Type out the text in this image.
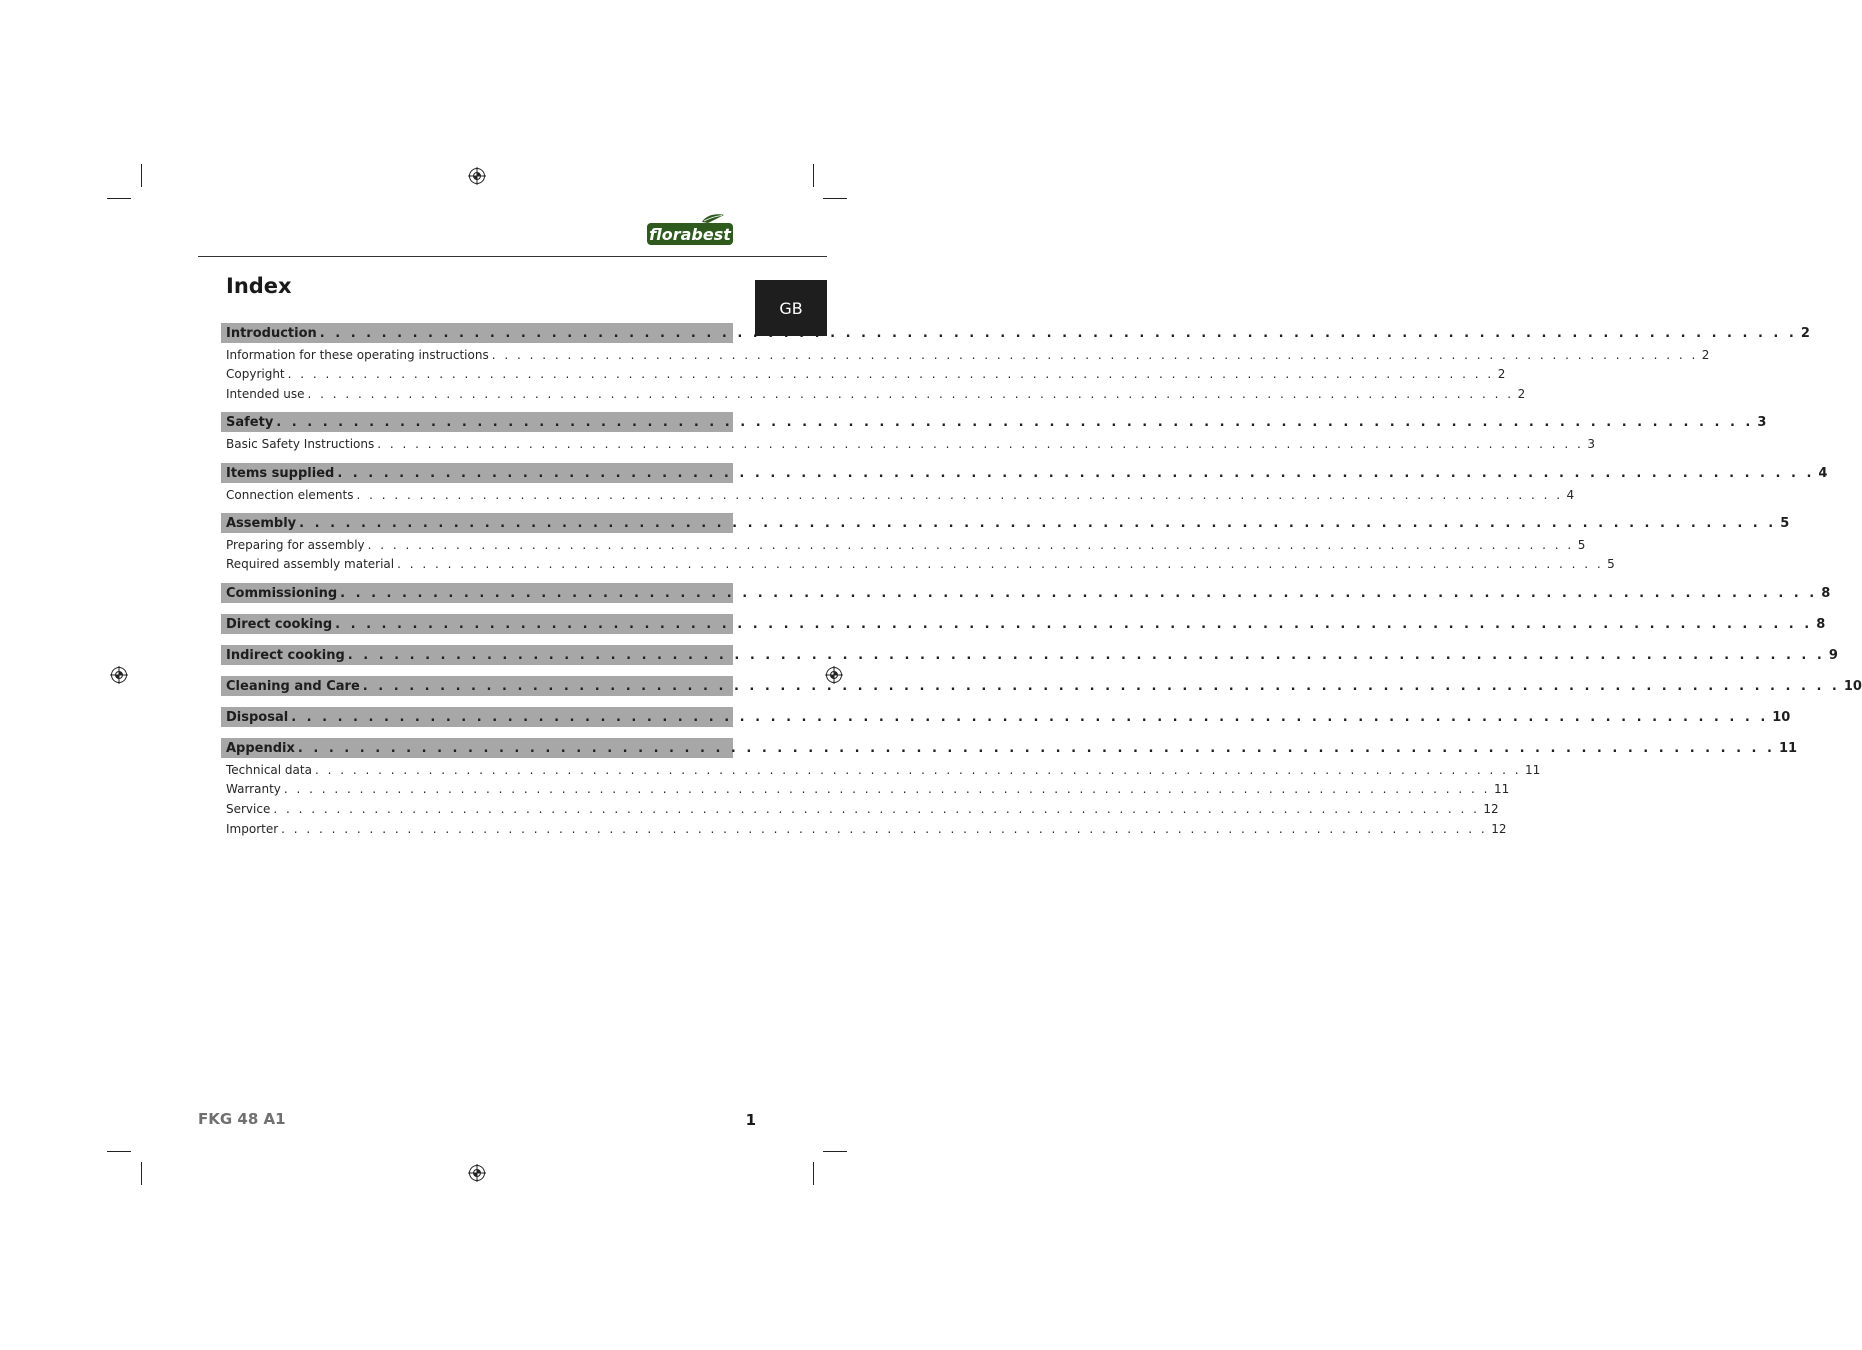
florabest
GB
Index
Introduction . . . . . . . . . . . . . . . . . . . . . . . . . . . . . . . . . . . . . . . . . . . . . . . . . . . . . . . . . . . . . . . . . . . . . . . . . . . . . . . . . . . . . . . . . . . . . . . . 2
Information for these operating instructions . . . . . . . . . . . . . . . . . . . . . . . . . . . . . . . . . . . . . . . . . . . . . . . . . . . . . . . . . . . . . . . . . . . . . . . . . . . . . . . . . . . . . . . . . . . . . . . . 2
Copyright . . . . . . . . . . . . . . . . . . . . . . . . . . . . . . . . . . . . . . . . . . . . . . . . . . . . . . . . . . . . . . . . . . . . . . . . . . . . . . . . . . . . . . . . . . . . . . . . 2
Intended use . . . . . . . . . . . . . . . . . . . . . . . . . . . . . . . . . . . . . . . . . . . . . . . . . . . . . . . . . . . . . . . . . . . . . . . . . . . . . . . . . . . . . . . . . . . . . . . . 2
Safety . . . . . . . . . . . . . . . . . . . . . . . . . . . . . . . . . . . . . . . . . . . . . . . . . . . . . . . . . . . . . . . . . . . . . . . . . . . . . . . . . . . . . . . . . . . . . . . . 3
Basic Safety Instructions . . . . . . . . . . . . . . . . . . . . . . . . . . . . . . . . . . . . . . . . . . . . . . . . . . . . . . . . . . . . . . . . . . . . . . . . . . . . . . . . . . . . . . . . . . . . . . . . 3
Items supplied . . . . . . . . . . . . . . . . . . . . . . . . . . . . . . . . . . . . . . . . . . . . . . . . . . . . . . . . . . . . . . . . . . . . . . . . . . . . . . . . . . . . . . . . . . . . . . . . 4
Connection elements . . . . . . . . . . . . . . . . . . . . . . . . . . . . . . . . . . . . . . . . . . . . . . . . . . . . . . . . . . . . . . . . . . . . . . . . . . . . . . . . . . . . . . . . . . . . . . . . 4
Assembly . . . . . . . . . . . . . . . . . . . . . . . . . . . . . . . . . . . . . . . . . . . . . . . . . . . . . . . . . . . . . . . . . . . . . . . . . . . . . . . . . . . . . . . . . . . . . . . . 5
Preparing for assembly . . . . . . . . . . . . . . . . . . . . . . . . . . . . . . . . . . . . . . . . . . . . . . . . . . . . . . . . . . . . . . . . . . . . . . . . . . . . . . . . . . . . . . . . . . . . . . . . 5
Required assembly material . . . . . . . . . . . . . . . . . . . . . . . . . . . . . . . . . . . . . . . . . . . . . . . . . . . . . . . . . . . . . . . . . . . . . . . . . . . . . . . . . . . . . . . . . . . . . . . . 5
Commissioning . . . . . . . . . . . . . . . . . . . . . . . . . . . . . . . . . . . . . . . . . . . . . . . . . . . . . . . . . . . . . . . . . . . . . . . . . . . . . . . . . . . . . . . . . . . . . . . . 8
Direct cooking . . . . . . . . . . . . . . . . . . . . . . . . . . . . . . . . . . . . . . . . . . . . . . . . . . . . . . . . . . . . . . . . . . . . . . . . . . . . . . . . . . . . . . . . . . . . . . . . 8
Indirect cooking . . . . . . . . . . . . . . . . . . . . . . . . . . . . . . . . . . . . . . . . . . . . . . . . . . . . . . . . . . . . . . . . . . . . . . . . . . . . . . . . . . . . . . . . . . . . . . . . 9
Cleaning and Care . . . . . . . . . . . . . . . . . . . . . . . . . . . . . . . . . . . . . . . . . . . . . . . . . . . . . . . . . . . . . . . . . . . . . . . . . . . . . . . . . . . . . . . . . . . . . . . . 10
Disposal . . . . . . . . . . . . . . . . . . . . . . . . . . . . . . . . . . . . . . . . . . . . . . . . . . . . . . . . . . . . . . . . . . . . . . . . . . . . . . . . . . . . . . . . . . . . . . . . 10
Appendix . . . . . . . . . . . . . . . . . . . . . . . . . . . . . . . . . . . . . . . . . . . . . . . . . . . . . . . . . . . . . . . . . . . . . . . . . . . . . . . . . . . . . . . . . . . . . . . . 11
Technical data . . . . . . . . . . . . . . . . . . . . . . . . . . . . . . . . . . . . . . . . . . . . . . . . . . . . . . . . . . . . . . . . . . . . . . . . . . . . . . . . . . . . . . . . . . . . . . . . 11
Warranty . . . . . . . . . . . . . . . . . . . . . . . . . . . . . . . . . . . . . . . . . . . . . . . . . . . . . . . . . . . . . . . . . . . . . . . . . . . . . . . . . . . . . . . . . . . . . . . . 11
Service . . . . . . . . . . . . . . . . . . . . . . . . . . . . . . . . . . . . . . . . . . . . . . . . . . . . . . . . . . . . . . . . . . . . . . . . . . . . . . . . . . . . . . . . . . . . . . . . 12
Importer . . . . . . . . . . . . . . . . . . . . . . . . . . . . . . . . . . . . . . . . . . . . . . . . . . . . . . . . . . . . . . . . . . . . . . . . . . . . . . . . . . . . . . . . . . . . . . . . 12
FKG 48 A1	1
